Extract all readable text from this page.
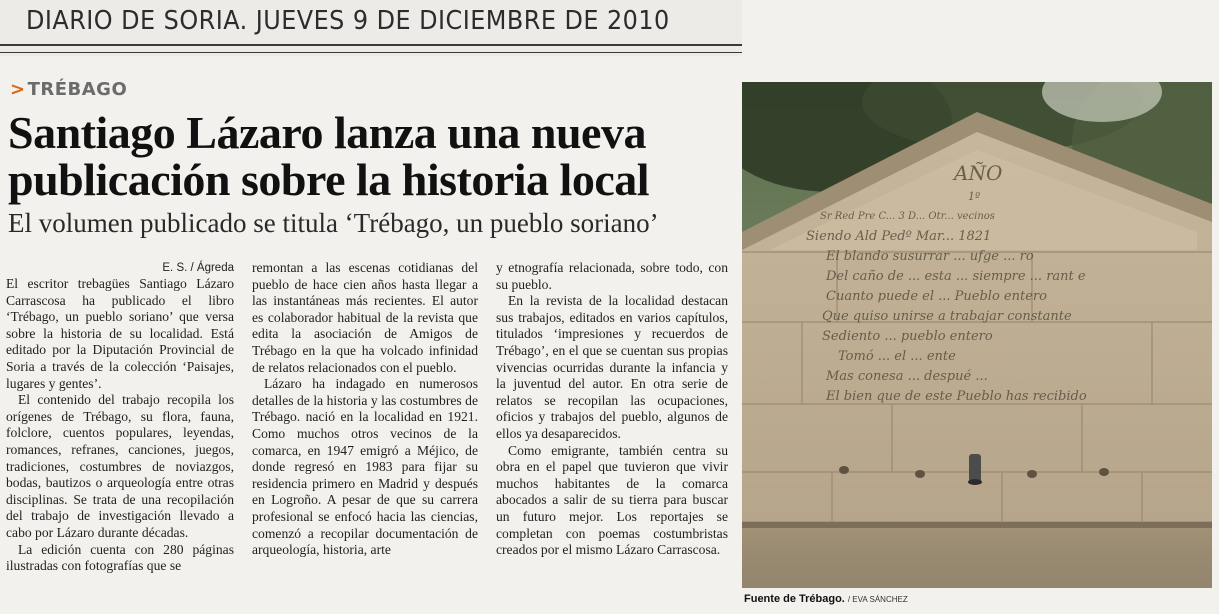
DIARIO DE SORIA. JUEVES 9 DE DICIEMBRE DE 2010
> TRÉBAGO
Santiago Lázaro lanza una nueva
publicación sobre la historia local
El volumen publicado se titula ‘Trébago, un pueblo soriano’
E. S. / Ágreda

El escritor trebagües Santiago Lázaro Carrascosa ha publicado el libro ‘Trébago, un pueblo soriano’ que versa sobre la historia de su localidad. Está editado por la Diputación Provincial de Soria a través de la colección ‘Paisajes, lugares y gentes’.

El contenido del trabajo recopila los orígenes de Trébago, su flora, fauna, folclore, cuentos populares, leyendas, romances, refranes, canciones, juegos, tradiciones, costumbres de noviazgos, bodas, bautizos o arqueología entre otras disciplinas. Se trata de una recopilación del trabajo de investigación llevado a cabo por Lázaro durante décadas.

La edición cuenta con 280 páginas ilustradas con fotografías que se

remontan a las escenas cotidianas del pueblo de hace cien años hasta llegar a las instantáneas más recientes. El autor es colaborador habitual de la revista que edita la asociación de Amigos de Trébago en la que ha volcado infinidad de relatos relacionados con el pueblo.

Lázaro ha indagado en numerosos detalles de la historia y las costumbres de Trébago. nació en la localidad en 1921. Como muchos otros vecinos de la comarca, en 1947 emigró a Méjico, de donde regresó en 1983 para fijar su residencia primero en Madrid y después en Logroño. A pesar de que su carrera profesional se enfocó hacia las ciencias, comenzó a recopilar documentación de arqueología, historia, arte

y etnografía relacionada, sobre todo, con su pueblo.

En la revista de la localidad destacan sus trabajos, editados en varios capítulos, titulados ‘impresiones y recuerdos de Trébago’, en el que se cuentan sus propias vivencias ocurridas durante la infancia y la juventud del autor. En otra serie de relatos se recopilan las ocupaciones, oficios y trabajos del pueblo, algunos de ellos ya desaparecidos.

Como emigrante, también centra su obra en el papel que tuvieron que vivir muchos habitantes de la comarca abocados a salir de su tierra para buscar un futuro mejor. Los reportajes se completan con poemas costumbristas creados por el mismo Lázaro Carrascosa.

AÑO
1º
Sr Red Pre C... 3 D... Otr... vecinos
Siendo Ald Pedº Mar... 1821
El blando susurrar ... ufge ... ro
Del caño de ... esta ... siempre ... rant e
Cuanto puede el ... Pueblo entero
Que quiso unirse a trabajar constante
Sediento ... pueblo entero
Tomó ... el ... ente
Mas conesa ... despué ...
El bien que de este Pueblo has recibido
Fuente de Trébago. / EVA SÁNCHEZ
